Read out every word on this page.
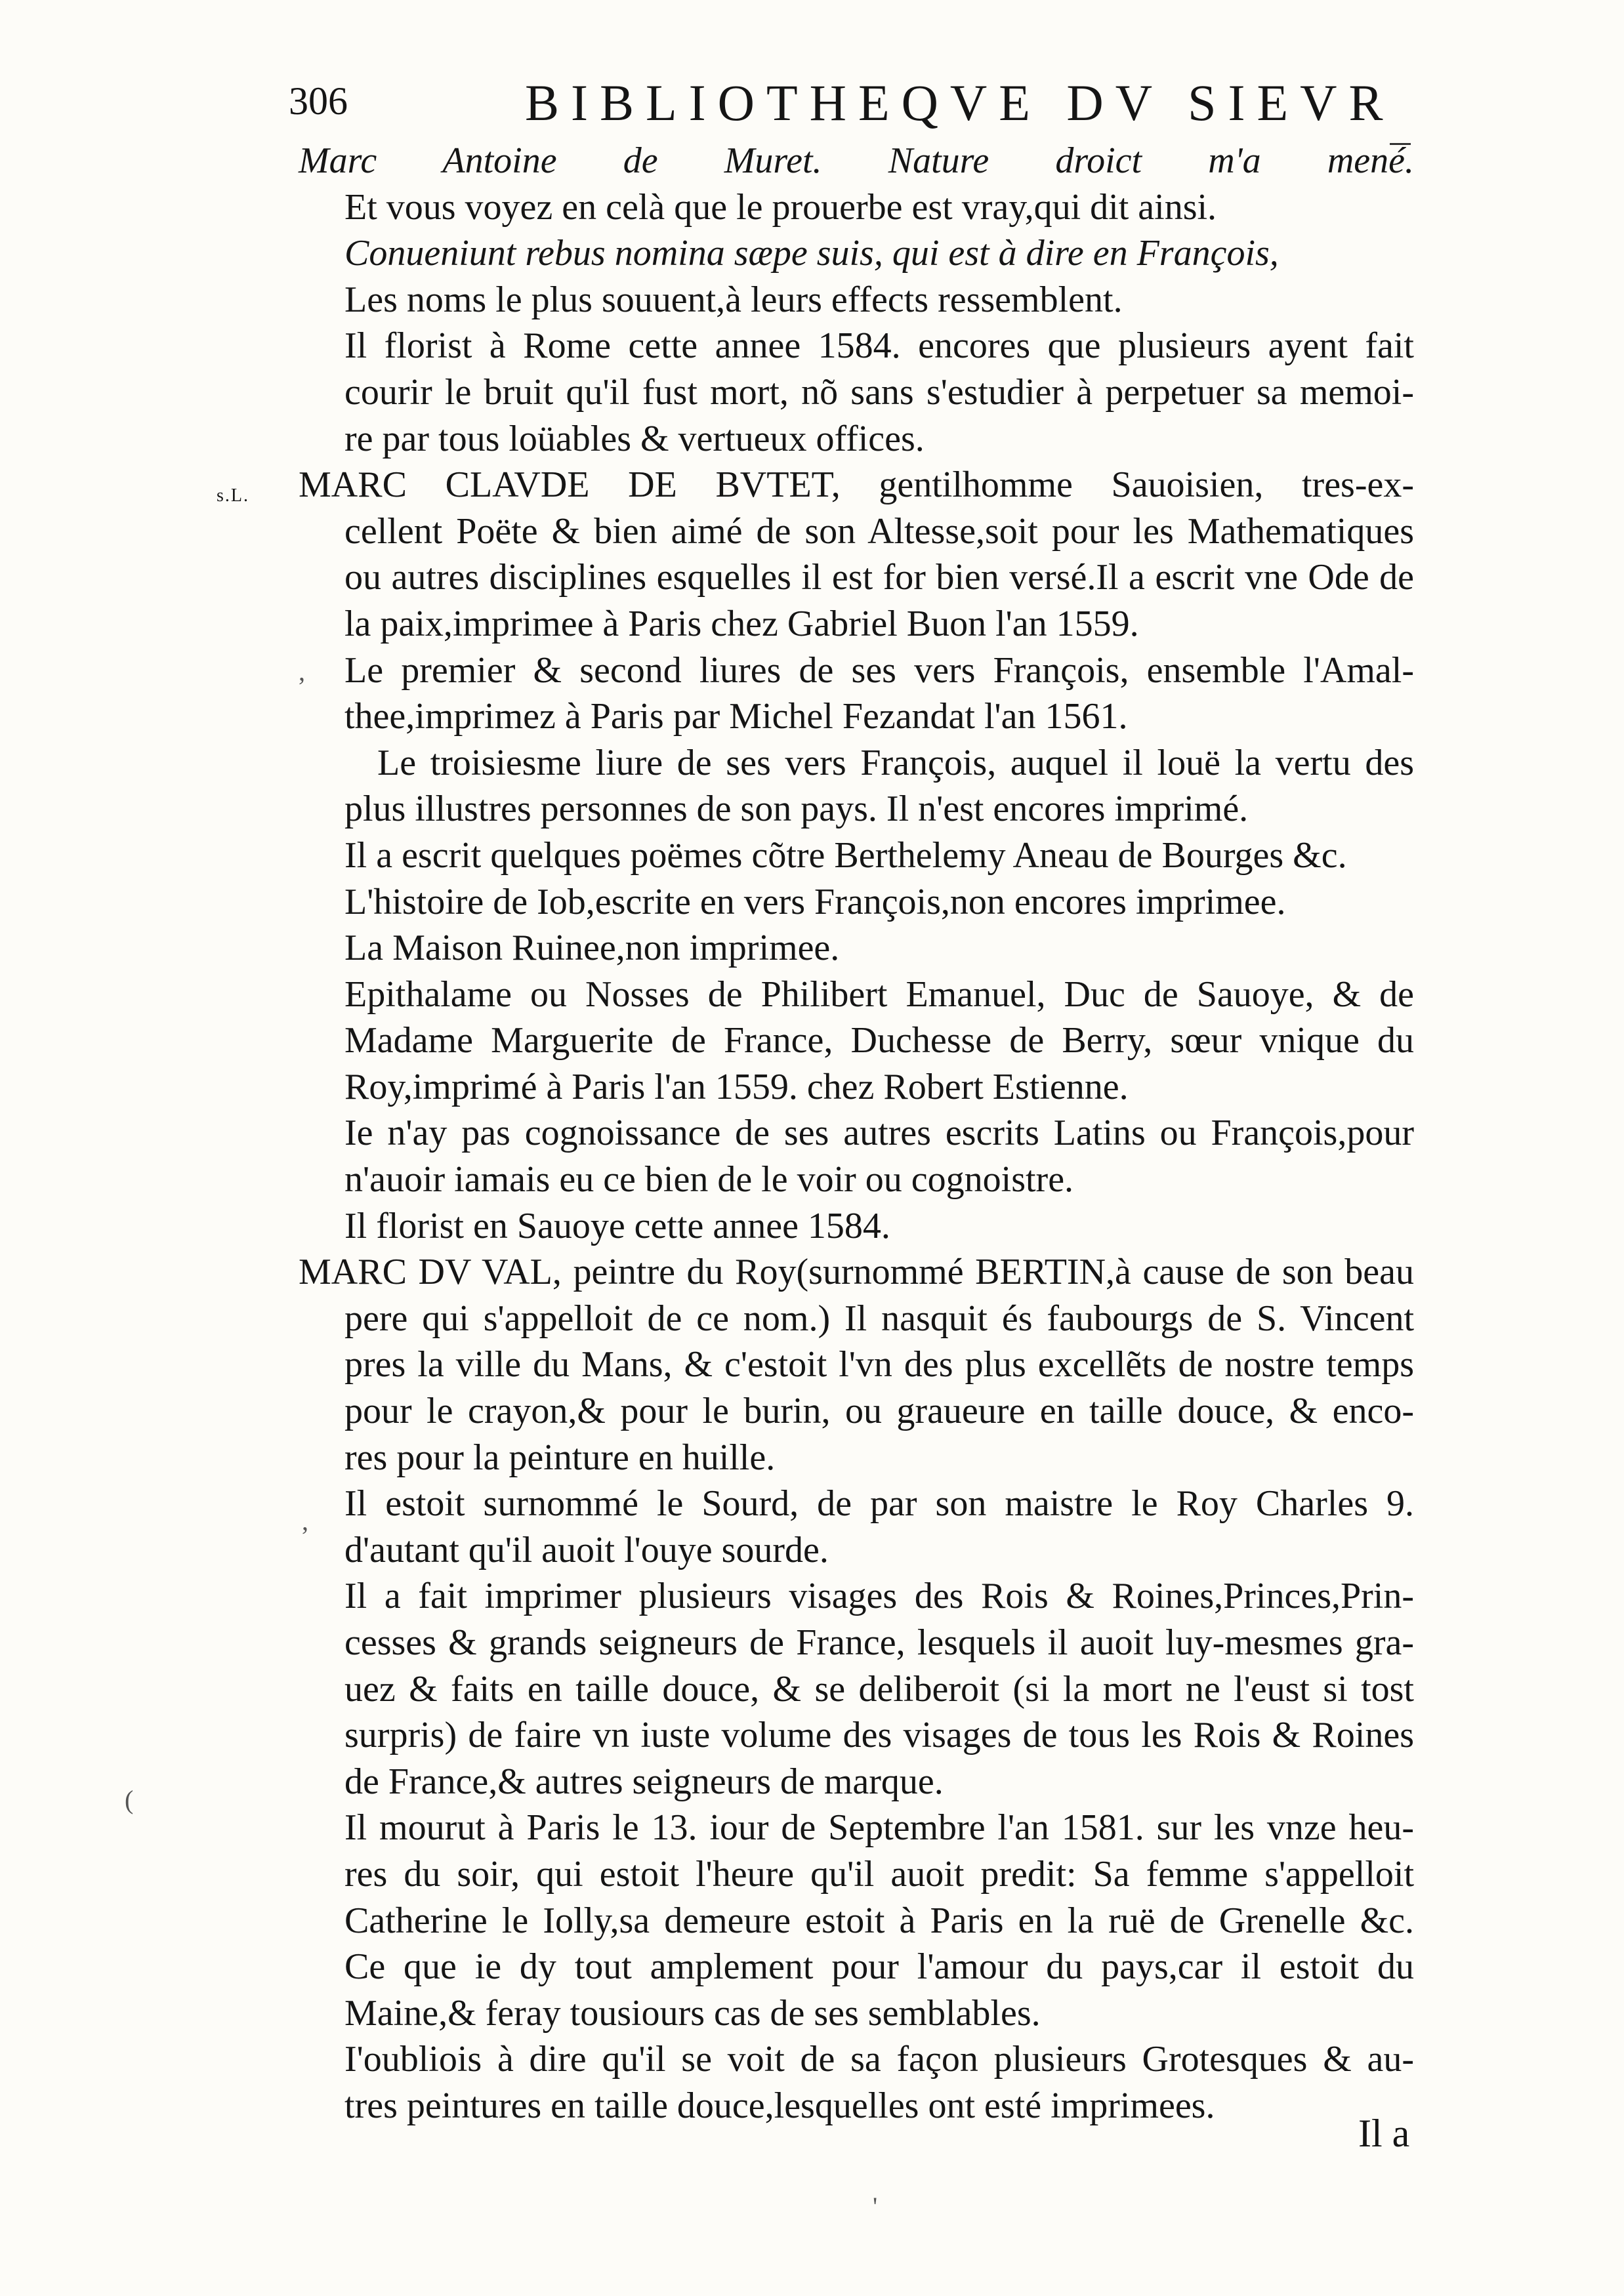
306	BIBLIOTHEQVE DV SIEVR
s.L.
Marc Antoine de Muret. Nature droict m'a mené.
Et vous voyez en celà que le prouerbe est vray,qui dit ainsi.
Conueniunt rebus nomina sæpe suis, qui est à dire en François,
Les noms le plus souuent,à leurs effects ressemblent.
Il florist à Rome cette annee 1584. encores que plusieurs ayent fait
courir le bruit qu'il fust mort, nõ sans s'estudier à perpetuer sa memoi-
re par tous loüables & vertueux offices.
MARC CLAVDE DE BVTET, gentilhomme Sauoisien, tres-ex-
cellent Poëte & bien aimé de son Altesse,soit pour les Mathematiques
ou autres disciplines esquelles il est for bien versé.Il a escrit vne Ode de
la paix,imprimee à Paris chez Gabriel Buon l'an 1559.
Le premier & second liures de ses vers François, ensemble l'Amal-
thee,imprimez à Paris par Michel Fezandat l'an 1561.
Le troisiesme liure de ses vers François, auquel il louë la vertu des
plus illustres personnes de son pays. Il n'est encores imprimé.
Il a escrit quelques poëmes cõtre Berthelemy Aneau de Bourges &c.
L'histoire de Iob,escrite en vers François,non encores imprimee.
La Maison Ruinee,non imprimee.
Epithalame ou Nosses de Philibert Emanuel, Duc de Sauoye, & de
Madame Marguerite de France, Duchesse de Berry, sœur vnique du
Roy,imprimé à Paris l'an 1559. chez Robert Estienne.
Ie n'ay pas cognoissance de ses autres escrits Latins ou François,pour
n'auoir iamais eu ce bien de le voir ou cognoistre.
Il florist en Sauoye cette annee 1584.
MARC DV VAL, peintre du Roy(surnommé BERTIN,à cause de son beau
pere qui s'appelloit de ce nom.) Il nasquit és faubourgs de S. Vincent
pres la ville du Mans, & c'estoit l'vn des plus excellẽts de nostre temps
pour le crayon,& pour le burin, ou graueure en taille douce, & enco-
res pour la peinture en huille.
Il estoit surnommé le Sourd, de par son maistre le Roy Charles 9.
d'autant qu'il auoit l'ouye sourde.
Il a fait imprimer plusieurs visages des Rois & Roines,Princes,Prin-
cesses & grands seigneurs de France, lesquels il auoit luy-mesmes gra-
uez & faits en taille douce, & se deliberoit (si la mort ne l'eust si tost
surpris) de faire vn iuste volume des visages de tous les Rois & Roines
de France,& autres seigneurs de marque.
Il mourut à Paris le 13. iour de Septembre l'an 1581. sur les vnze heu-
res du soir, qui estoit l'heure qu'il auoit predit: Sa femme s'appelloit
Catherine le Iolly,sa demeure estoit à Paris en la ruë de Grenelle &c.
Ce que ie dy tout amplement pour l'amour du pays,car il estoit du
Maine,& feray tousiours cas de ses semblables.
I'oubliois à dire qu'il se voit de sa façon plusieurs Grotesques & au-
tres peintures en taille douce,lesquelles ont esté imprimees.
,
,
(
'
Il a
